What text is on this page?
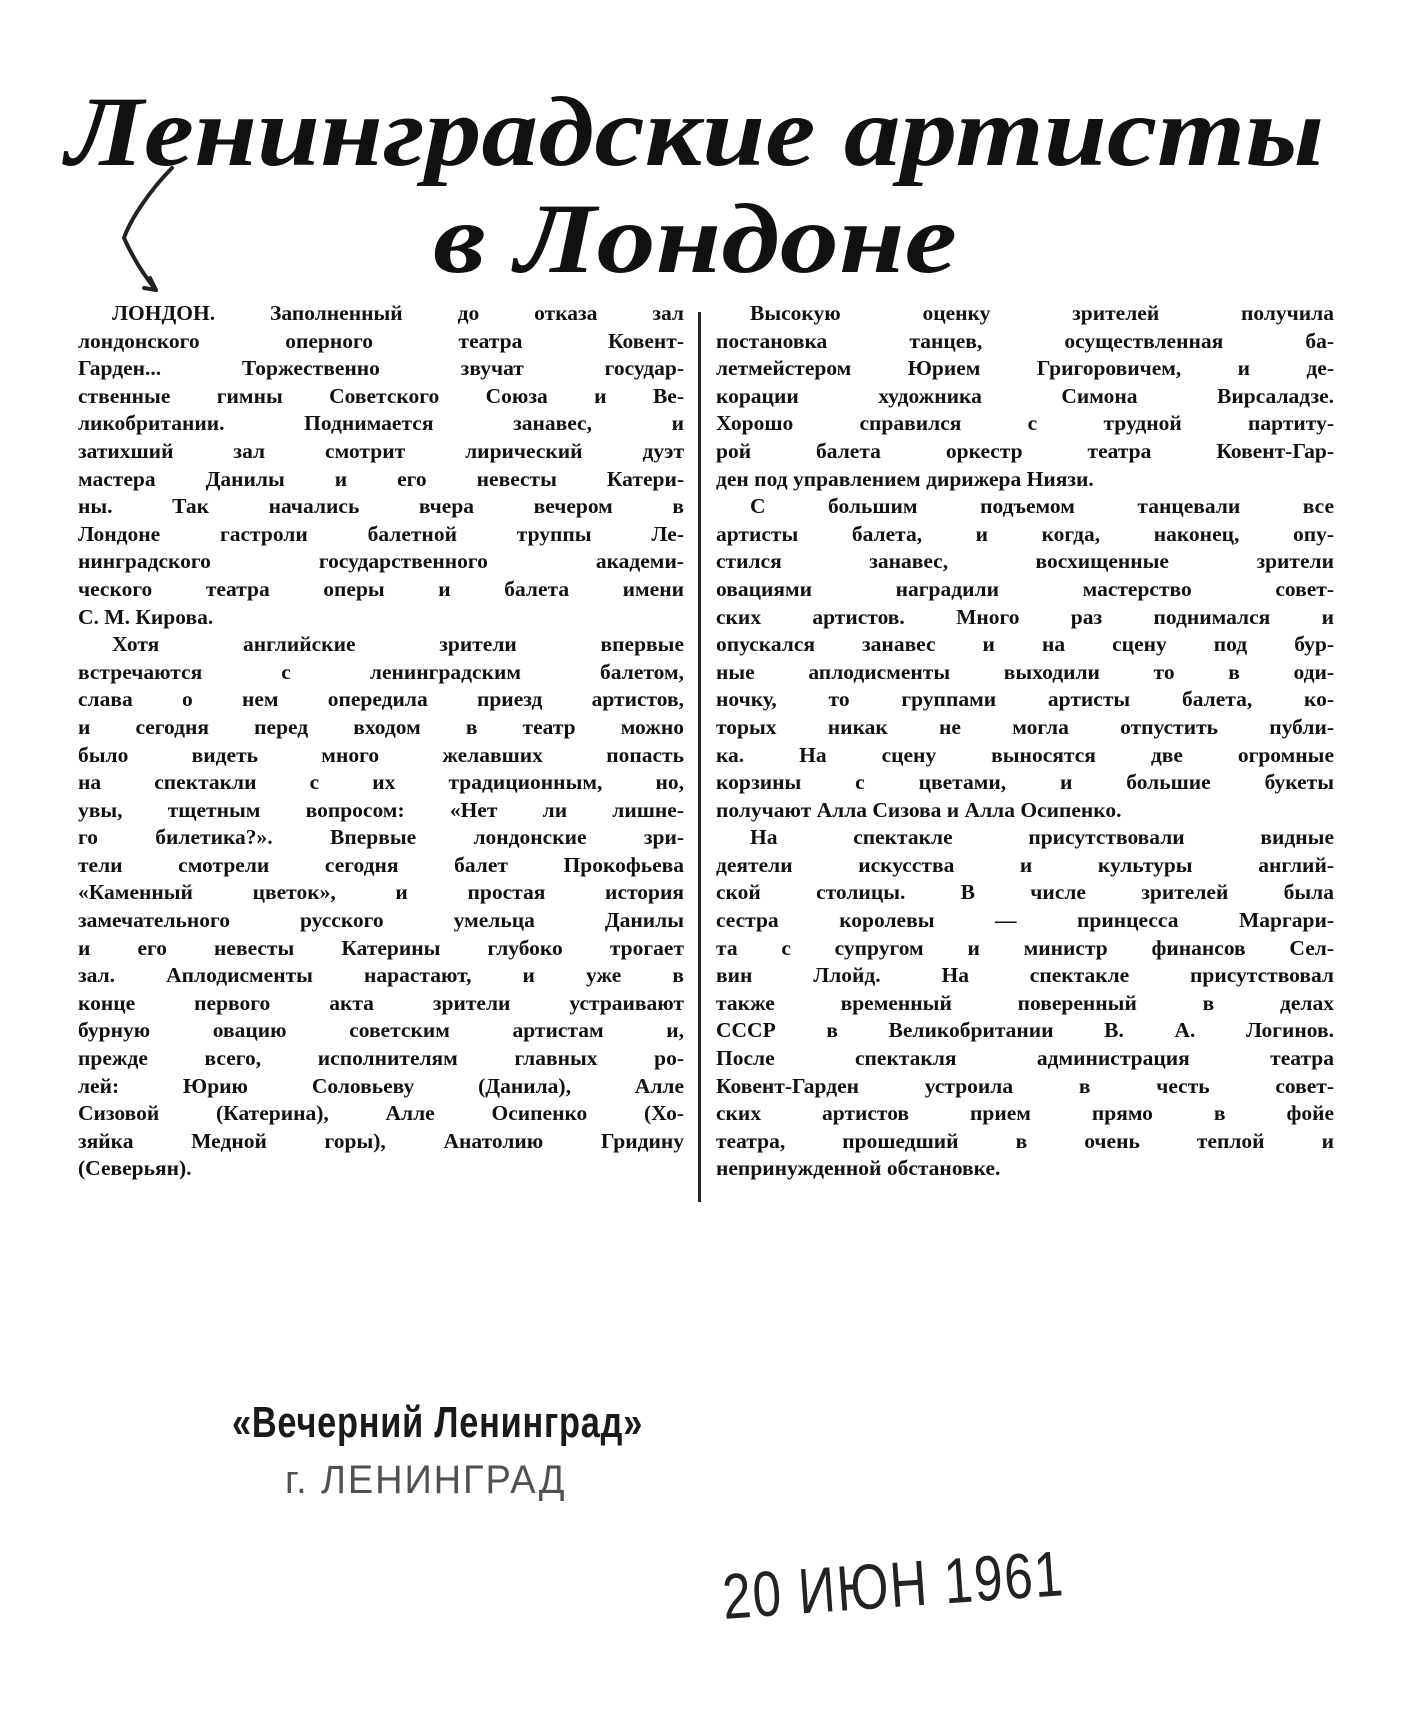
Ленинградские артисты
в Лондоне
ЛОНДОН. Заполненный до отказа зал
лондонского оперного театра Ковент-
Гарден... Торжественно звучат государ-
ственные гимны Советского Союза и Ве-
ликобритании. Поднимается занавес, и
затихший зал смотрит лирический дуэт
мастера Данилы и его невесты Катери-
ны. Так начались вчера вечером в
Лондоне гастроли балетной труппы Ле-
нинградского государственного академи-
ческого театра оперы и балета имени
С. М. Кирова.
Хотя английские зрители впервые
встречаются с ленинградским балетом,
слава о нем опередила приезд артистов,
и сегодня перед входом в театр можно
было видеть много желавших попасть
на спектакли с их традиционным, но,
увы, тщетным вопросом: «Нет ли лишне-
го билетика?». Впервые лондонские зри-
тели смотрели сегодня балет Прокофьева
«Каменный цветок», и простая история
замечательного русского умельца Данилы
и его невесты Катерины глубоко трогает
зал. Аплодисменты нарастают, и уже в
конце первого акта зрители устраивают
бурную овацию советским артистам и,
прежде всего, исполнителям главных ро-
лей: Юрию Соловьеву (Данила), Алле
Сизовой (Катерина), Алле Осипенко (Хо-
зяйка Медной горы), Анатолию Гридину
(Северьян).
Высокую оценку зрителей получила
постановка танцев, осуществленная ба-
летмейстером Юрием Григоровичем, и де-
корации художника Симона Вирсаладзе.
Хорошо справился с трудной партиту-
рой балета оркестр театра Ковент-Гар-
ден под управлением дирижера Ниязи.
С большим подъемом танцевали все
артисты балета, и когда, наконец, опу-
стился занавес, восхищенные зрители
овациями наградили мастерство совет-
ских артистов. Много раз поднимался и
опускался занавес и на сцену под бур-
ные аплодисменты выходили то в оди-
ночку, то группами артисты балета, ко-
торых никак не могла отпустить публи-
ка. На сцену выносятся две огромные
корзины с цветами, и большие букеты
получают Алла Сизова и Алла Осипенко.
На спектакле присутствовали видные
деятели искусства и культуры англий-
ской столицы. В числе зрителей была
сестра королевы — принцесса Маргари-
та с супругом и министр финансов Сел-
вин Ллойд. На спектакле присутствовал
также временный поверенный в делах
СССР в Великобритании В. А. Логинов.
После спектакля администрация театра
Ковент-Гарден устроила в честь совет-
ских артистов прием прямо в фойе
театра, прошедший в очень теплой и
непринужденной обстановке.
«Вечерний Ленинград»
г. ЛЕНИНГРАД
20 ИЮН 1961
